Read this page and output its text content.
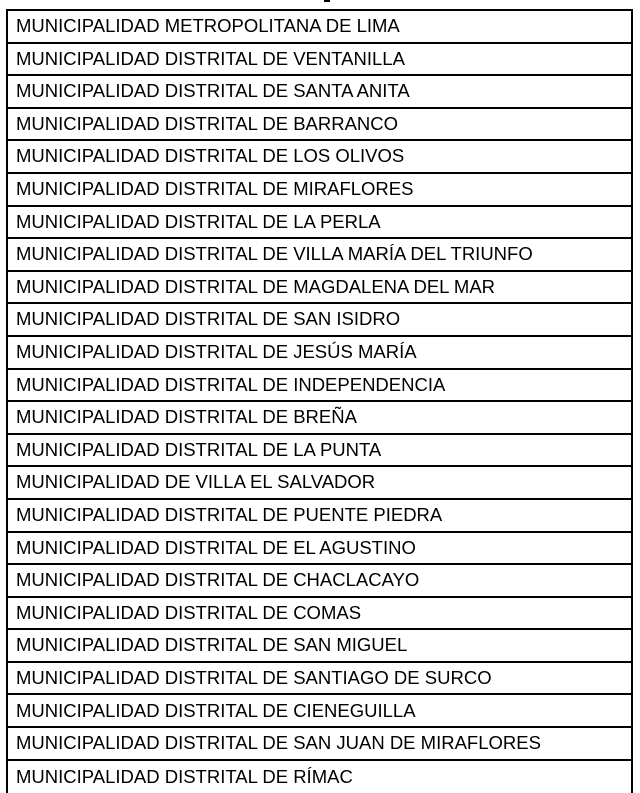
MUNICIPALIDAD METROPOLITANA DE LIMA
MUNICIPALIDAD DISTRITAL DE VENTANILLA
MUNICIPALIDAD DISTRITAL DE SANTA ANITA
MUNICIPALIDAD DISTRITAL DE BARRANCO
MUNICIPALIDAD DISTRITAL DE LOS OLIVOS
MUNICIPALIDAD DISTRITAL DE MIRAFLORES
MUNICIPALIDAD DISTRITAL DE LA PERLA
MUNICIPALIDAD DISTRITAL DE VILLA MARÍA DEL TRIUNFO
MUNICIPALIDAD DISTRITAL DE MAGDALENA DEL MAR
MUNICIPALIDAD DISTRITAL DE SAN ISIDRO
MUNICIPALIDAD DISTRITAL DE JESÚS MARÍA
MUNICIPALIDAD DISTRITAL DE INDEPENDENCIA
MUNICIPALIDAD DISTRITAL DE BREÑA
MUNICIPALIDAD DISTRITAL DE LA PUNTA
MUNICIPALIDAD DE VILLA EL SALVADOR
MUNICIPALIDAD DISTRITAL DE PUENTE PIEDRA
MUNICIPALIDAD DISTRITAL DE EL AGUSTINO
MUNICIPALIDAD DISTRITAL DE CHACLACAYO
MUNICIPALIDAD DISTRITAL DE COMAS
MUNICIPALIDAD DISTRITAL DE SAN MIGUEL
MUNICIPALIDAD DISTRITAL DE SANTIAGO DE SURCO
MUNICIPALIDAD DISTRITAL DE CIENEGUILLA
MUNICIPALIDAD DISTRITAL DE SAN JUAN DE MIRAFLORES
MUNICIPALIDAD DISTRITAL DE RÍMAC
